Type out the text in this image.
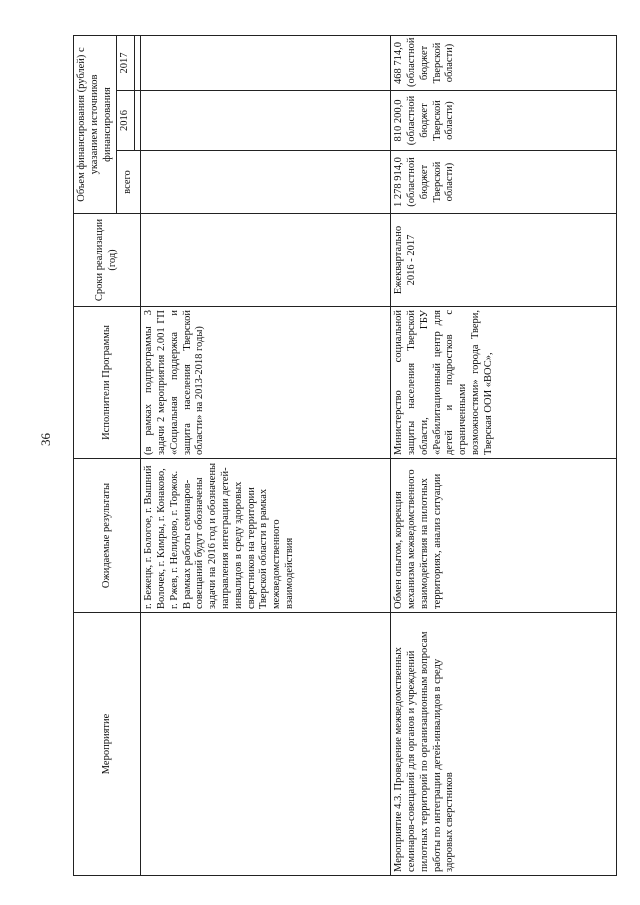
36
Мероприятие	Ожидаемые результаты	Исполнители Программы	Сроки реализации (год)	Объем финансирования (рублей) с указанием источников финансирования		
				всего	2016	2017

	г. Бежецк, г. Бологое, г. Вышний Волочек, г. Кимры, г. Конаково, г. Ржев, г. Нелидово, г. Торжок. В рамках работы семинаров-совещаний будут обозначены задачи на 2016 год и обозначены направления интеграции детей-инвалидов в среду здоровых сверстников на территории Тверской области в рамках межведомственного взаимодействия	(в рамках подпрограммы 3 задачи 2 мероприятия 2.001 ГП «Социальная поддержка и защита населения Тверской области» на 2013-2018 годы)				
Мероприятие 4.3. Проведение межведомственных семинаров-совещаний для органов и учреждений пилотных территорий по организационным вопросам работы по интеграции детей-инвалидов в среду здоровых сверстников	Обмен опытом, коррекция механизма межведомственного взаимодействия на пилотных территориях, анализ ситуации	Министерство социальной защиты населения Тверской области, ГБУ «Реабилитационный центр для детей и подростков с ограниченными возможностями» города Твери, Тверская ООИ «ВОС»,	Ежеквартально 2016 - 2017	1 278 914,0 (областной бюджет Тверской области)	810 200,0 (областной бюджет Тверской области)	468 714,0 (областной бюджет Тверской области)
